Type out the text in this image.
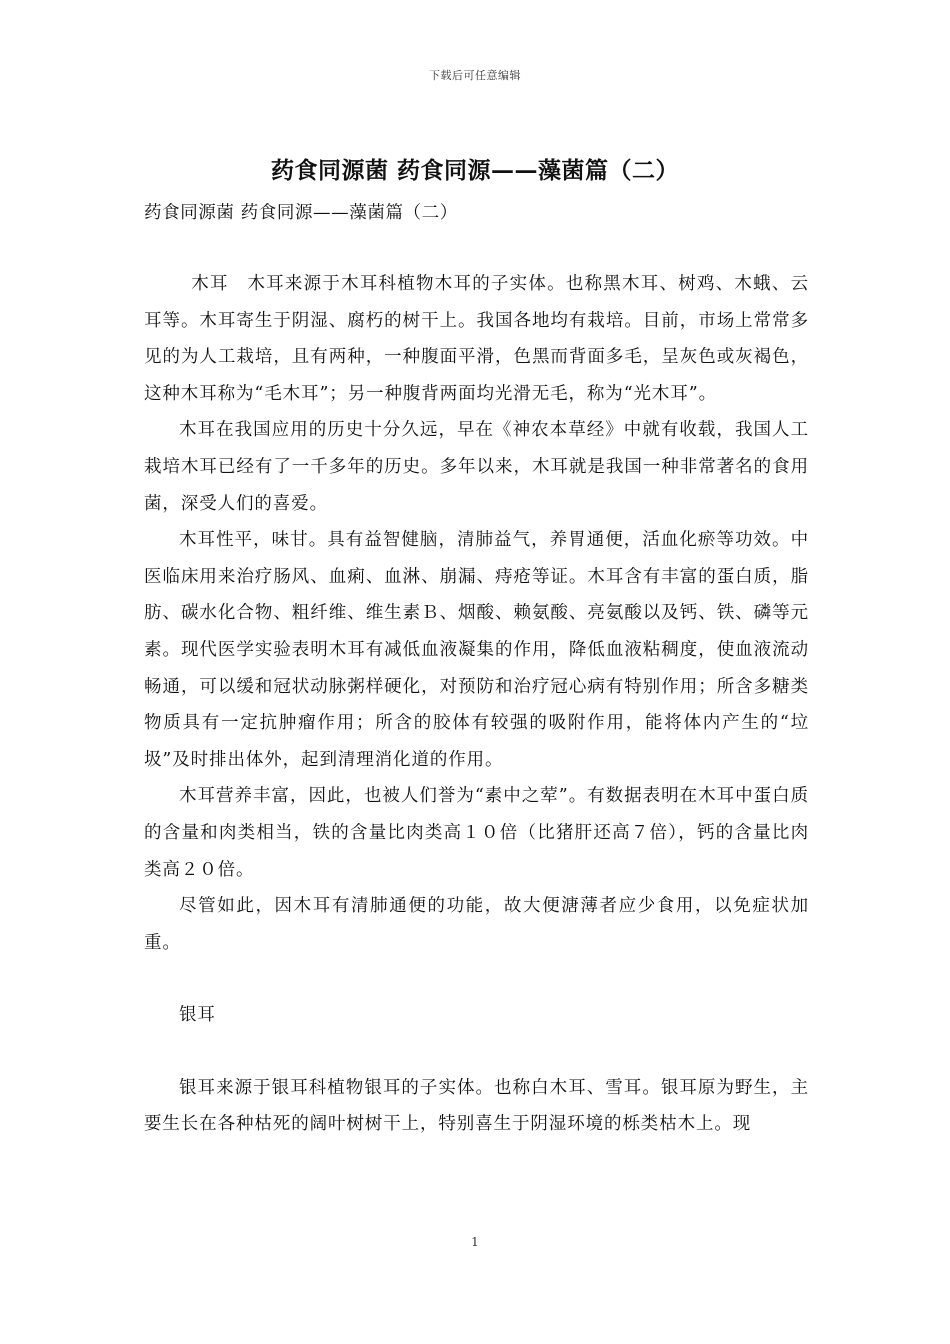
下载后可任意编辑
药食同源菌 药食同源——藻菌篇（二）
药食同源菌 药食同源——藻菌篇（二）

木耳　木耳来源于木耳科植物木耳的子实体。也称黑木耳、树鸡、木蛾、云耳等。木耳寄生于阴湿、腐朽的树干上。我国各地均有栽培。目前，市场上常常多见的为人工栽培，且有两种，一种腹面平滑，色黑而背面多毛，呈灰色或灰褐色，这种木耳称为“毛木耳”；另一种腹背两面均光滑无毛，称为“光木耳”。

木耳在我国应用的历史十分久远，早在《神农本草经》中就有收载，我国人工栽培木耳已经有了一千多年的历史。多年以来，木耳就是我国一种非常著名的食用菌，深受人们的喜爱。

木耳性平，味甘。具有益智健脑，清肺益气，养胃通便，活血化瘀等功效。中医临床用来治疗肠风、血痢、血淋、崩漏、痔疮等证。木耳含有丰富的蛋白质，脂肪、碳水化合物、粗纤维、维生素Ｂ、烟酸、赖氨酸、亮氨酸以及钙、铁、磷等元素。现代医学实验表明木耳有减低血液凝集的作用，降低血液粘稠度，使血液流动畅通，可以缓和冠状动脉粥样硬化，对预防和治疗冠心病有特别作用；所含多糖类物质具有一定抗肿瘤作用；所含的胶体有较强的吸附作用，能将体内产生的“垃圾”及时排出体外，起到清理消化道的作用。

木耳营养丰富，因此，也被人们誉为“素中之荤”。有数据表明在木耳中蛋白质的含量和肉类相当，铁的含量比肉类高１０倍（比猪肝还高７倍），钙的含量比肉类高２０倍。

尽管如此，因木耳有清肺通便的功能，故大便溏薄者应少食用，以免症状加重。

银耳

银耳来源于银耳科植物银耳的子实体。也称白木耳、雪耳。银耳原为野生，主要生长在各种枯死的阔叶树树干上，特别喜生于阴湿环境的栎类枯木上。现

1
